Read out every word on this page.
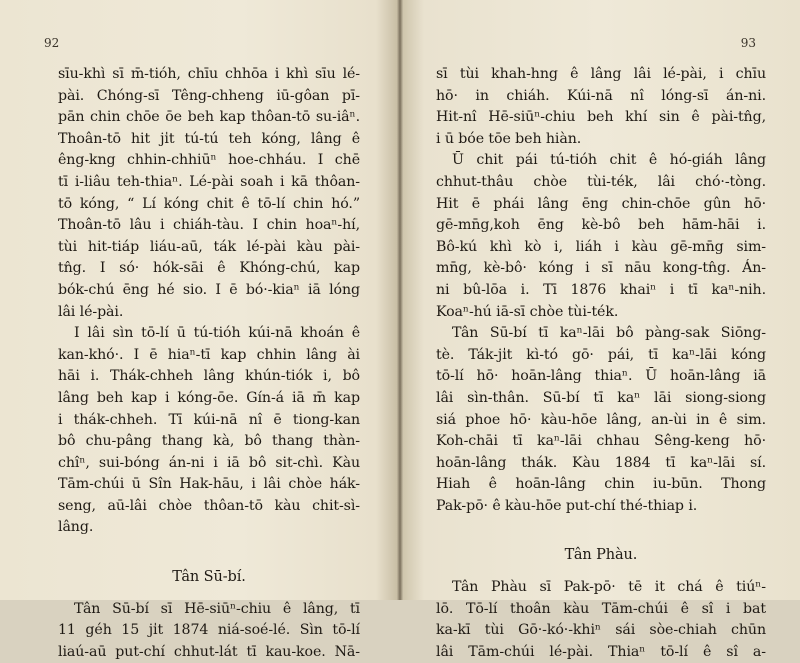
92
sīu-khì sī m̄-tióh, chīu chhōa i khì sīu lé-
pài. Chóng-sī Têng-chheng iū-gôan pī-
pān chin chōe ōe beh kap thôan-tō su-iâⁿ.
Thoân-tō hit ji̍t tú-tú teh kóng, lâng ê
êng-kng chhin-chhiūⁿ hoe-chháu. I chē
tī i-liâu teh-thiaⁿ. Lé-pài soah i kā thôan-
tō kóng, “ Lí kóng chit ê tō-lí chin hó.”
Thoân-tō lâu i chiáh-tàu. I chin hoaⁿ-hí,
tùi hit-tiáp liáu-aū, ták lé-pài kàu pài-
tn̂g. I só· hók-sāi ê Khóng-chú, kap
bók-chú ēng hé sio. I ē bó·-kiaⁿ iā lóng
lâi lé-pài.
I lâi sìn tō-lí ū tú-tióh kúi-nā khoán ê
kan-khó·. I ē hiaⁿ-tī kap chhin lâng ài
hāi i. Thák-chheh lâng khún-tiók i, bô
lâng beh kap i kóng-ōe. Gín-á iā m̄ kap
i thák-chheh. Tī kúi-nā nî ē tiong-kan
bô chu-pâng thang kà, bô thang thàn-
chîⁿ, sui-bóng án-ni i iā bô sit-chì. Kàu
Tām-chúi ū Sîn Hak-hāu, i lâi chòe hák-
seng, aū-lâi chòe thôan-tō kàu chit-sì-
lâng.
Tân Sū-bí.
Tân Sū-bí sī Hē-siūⁿ-chiu ê lâng, tī
11 géh 15 ji̍t 1874 niá-soé-lé. Sìn tō-lí
liaú-aū put-chí chhut-lát tī kau-koe. Nā-
93
sī tùi khah-hng ê lâng lâi lé-pài, i chīu
hō· in chiáh. Kúi-nā nî lóng-sī án-ni.
Hit-nî Hē-siūⁿ-chiu beh khí sin ê pài-tn̂g,
i ū bóe tōe beh hiàn.
Ū chit pái tú-tióh chit ê hó-giáh lâng
chhut-thâu chòe tùi-ték, lâi chó·-tòng.
Hit ē phái lâng ēng chin-chōe gûn hō·
gē-mn̄g,koh ēng kè-bô beh hām-hāi i.
Bô-kú khì kò i, liáh i kàu gē-mn̄g sim-
mn̄g, kè-bô· kóng i sī nāu kong-tn̂g. Án-
ni bû-lōa i. Tī 1876 khaiⁿ i tī kaⁿ-nih.
Koaⁿ-hú iā-sī chòe tùi-ték.
Tân Sū-bí tī kaⁿ-lāi bô pàng-sak Siōng-
tè. Ták-ji̍t kì-tó gō· pái, tī kaⁿ-lāi kóng
tō-lí hō· hoān-lâng thiaⁿ. Ū hoān-lâng iā
lâi sìn-thân. Sū-bí tī kaⁿ lāi siong-siong
siá phoe hō· kàu-hōe lâng, an-ùi in ê sim.
Koh-chāi tī kaⁿ-lāi chhau Sêng-keng hō·
hoān-lâng thák. Kàu 1884 tī kaⁿ-lāi sí.
Hiah ê hoān-lâng chin iu-būn. Thong
Pak-pō· ê kàu-hōe put-chí thé-thiap i.
Tân Phàu.
Tân Phàu sī Pak-pō· tē it chá ê tiúⁿ-
lō. Tō-lí thoân kàu Tām-chúi ê sî i bat
ka-kī tùi Gō·-kó·-khiⁿ sái sòe-chiah chūn
lâi Tām-chúi lé-pài. Thiaⁿ tō-lí ê sî a-
